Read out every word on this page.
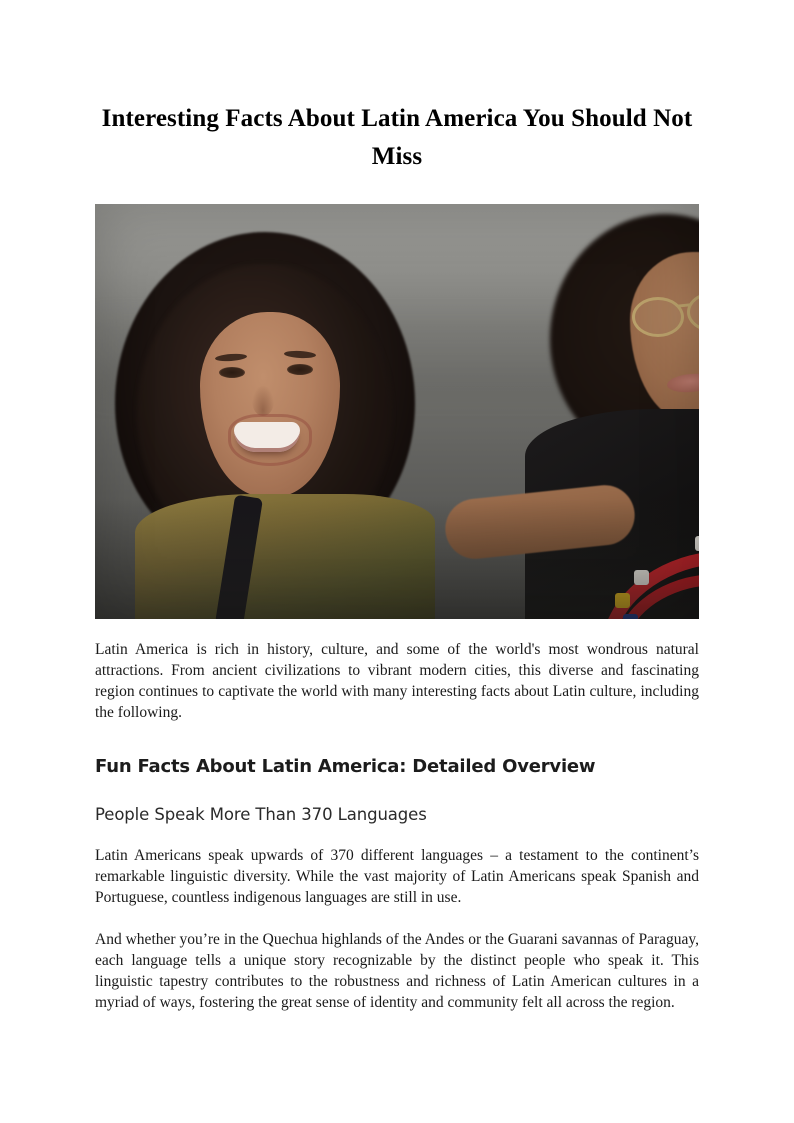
Interesting Facts About Latin America You Should Not Miss

Latin America is rich in history, culture, and some of the world's most wondrous natural attractions. From ancient civilizations to vibrant modern cities, this diverse and fascinating region continues to captivate the world with many interesting facts about Latin culture, including the following.

Fun Facts About Latin America: Detailed Overview
People Speak More Than 370 Languages

Latin Americans speak upwards of 370 different languages – a testament to the continent’s remarkable linguistic diversity. While the vast majority of Latin Americans speak Spanish and Portuguese, countless indigenous languages are still in use.

And whether you’re in the Quechua highlands of the Andes or the Guarani savannas of Paraguay, each language tells a unique story recognizable by the distinct people who speak it. This linguistic tapestry contributes to the robustness and richness of Latin American cultures in a myriad of ways, fostering the great sense of identity and community felt all across the region.
